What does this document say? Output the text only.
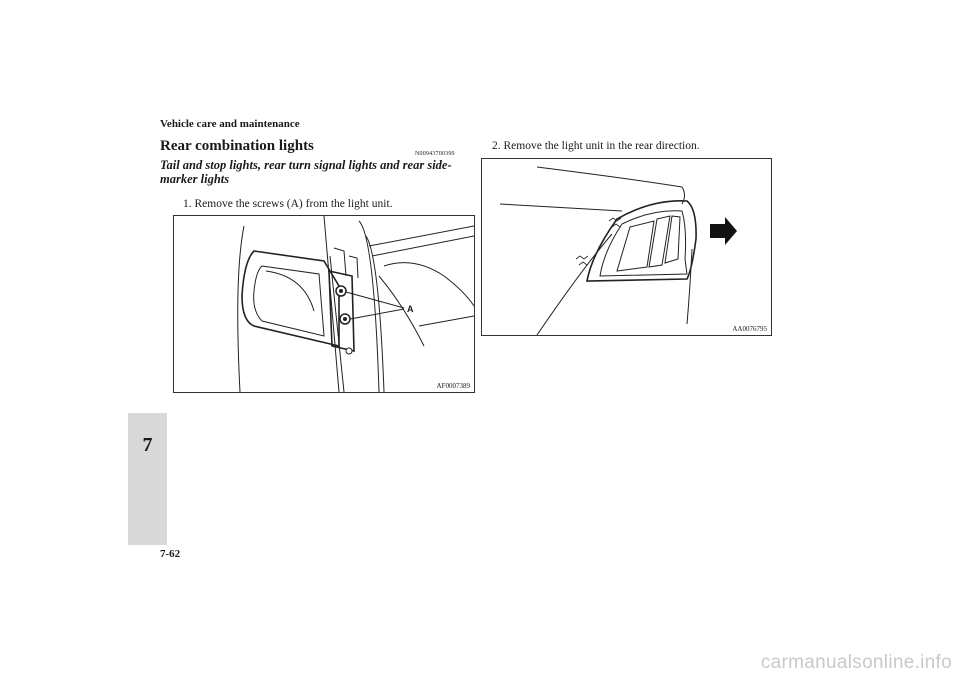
Vehicle care and maintenance
Rear combination lights	N00943700399
Tail and stop lights, rear turn signal lights and rear side-marker lights
1. Remove the screws (A) from the light unit.
2. Remove the light unit in the rear direction.
A
AF0007389
AA0076795
7
7-62
carmanualsonline.info
